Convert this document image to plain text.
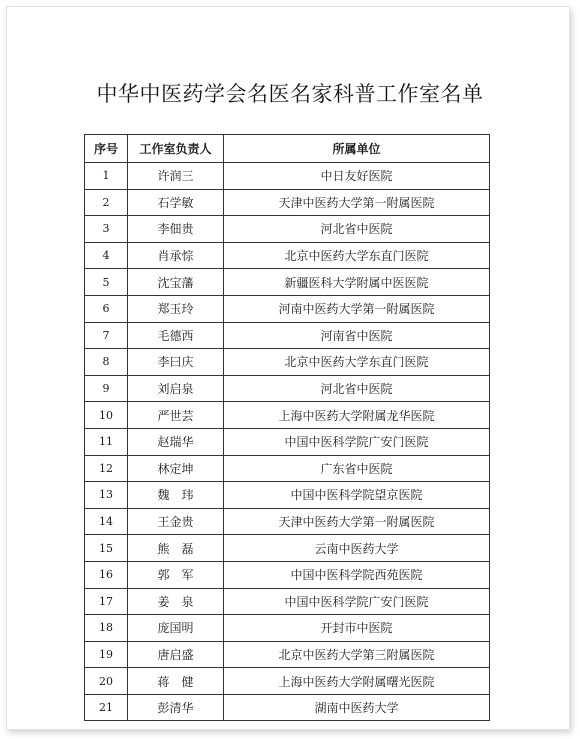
中华中医药学会名医名家科普工作室名单
序号	工作室负责人	所属单位
1	许润三	中日友好医院
2	石学敏	天津中医药大学第一附属医院
3	李佃贵	河北省中医院
4	肖承悰	北京中医药大学东直门医院
5	沈宝藩	新疆医科大学附属中医医院
6	郑玉玲	河南中医药大学第一附属医院
7	毛德西	河南省中医院
8	李曰庆	北京中医药大学东直门医院
9	刘启泉	河北省中医院
10	严世芸	上海中医药大学附属龙华医院
11	赵瑞华	中国中医科学院广安门医院
12	林定坤	广东省中医院
13	魏　玮	中国中医科学院望京医院
14	王金贵	天津中医药大学第一附属医院
15	熊　磊	云南中医药大学
16	郭　军	中国中医科学院西苑医院
17	姜　泉	中国中医科学院广安门医院
18	庞国明	开封市中医院
19	唐启盛	北京中医药大学第三附属医院
20	蒋　健	上海中医药大学附属曙光医院
21	彭清华	湖南中医药大学
